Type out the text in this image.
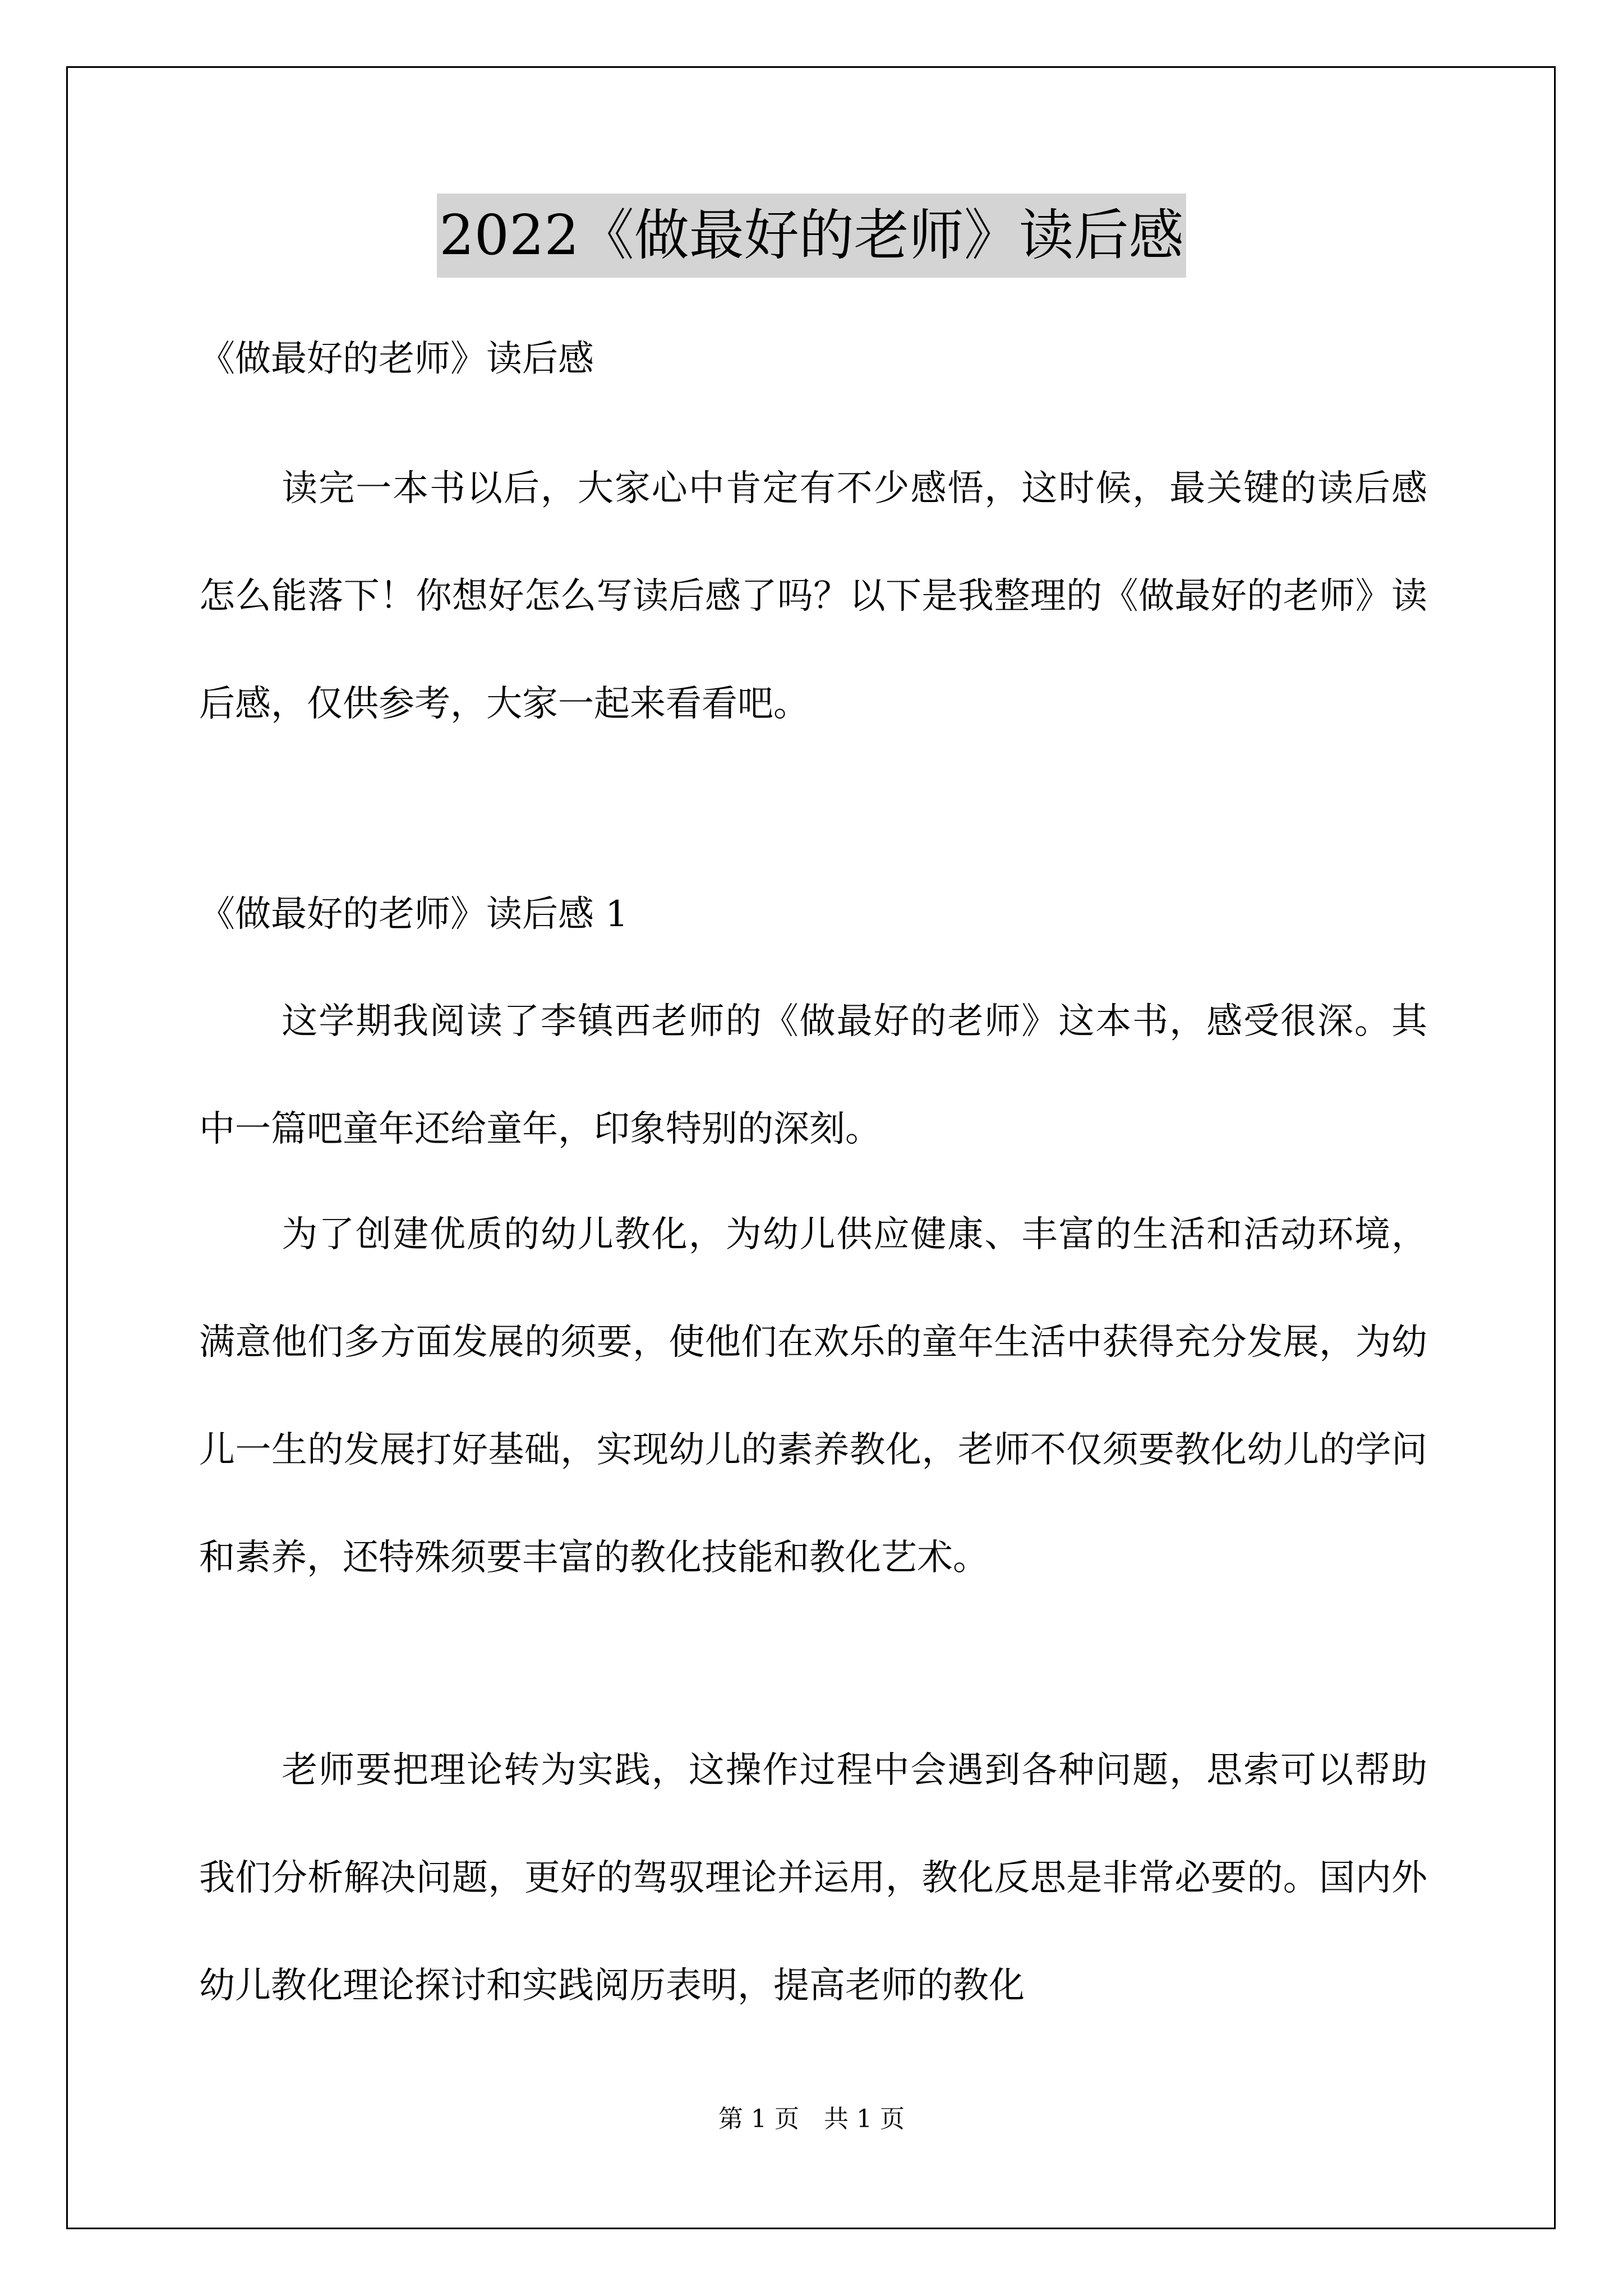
2022《做最好的老师》读后感
《做最好的老师》读后感
读完一本书以后，大家心中肯定有不少感悟，这时候，最关键的读后感怎么能落下！你想好怎么写读后感了吗？以下是我整理的《做最好的老师》读后感，仅供参考，大家一起来看看吧。
《做最好的老师》读后感 1
这学期我阅读了李镇西老师的《做最好的老师》这本书，感受很深。其中一篇吧童年还给童年，印象特别的深刻。
为了创建优质的幼儿教化，为幼儿供应健康、丰富的生活和活动环境，满意他们多方面发展的须要，使他们在欢乐的童年生活中获得充分发展，为幼儿一生的发展打好基础，实现幼儿的素养教化，老师不仅须要教化幼儿的学问和素养，还特殊须要丰富的教化技能和教化艺术。
老师要把理论转为实践，这操作过程中会遇到各种问题，思索可以帮助我们分析解决问题，更好的驾驭理论并运用，教化反思是非常必要的。国内外幼儿教化理论探讨和实践阅历表明，提高老师的教化
第 1 页　共 1 页
